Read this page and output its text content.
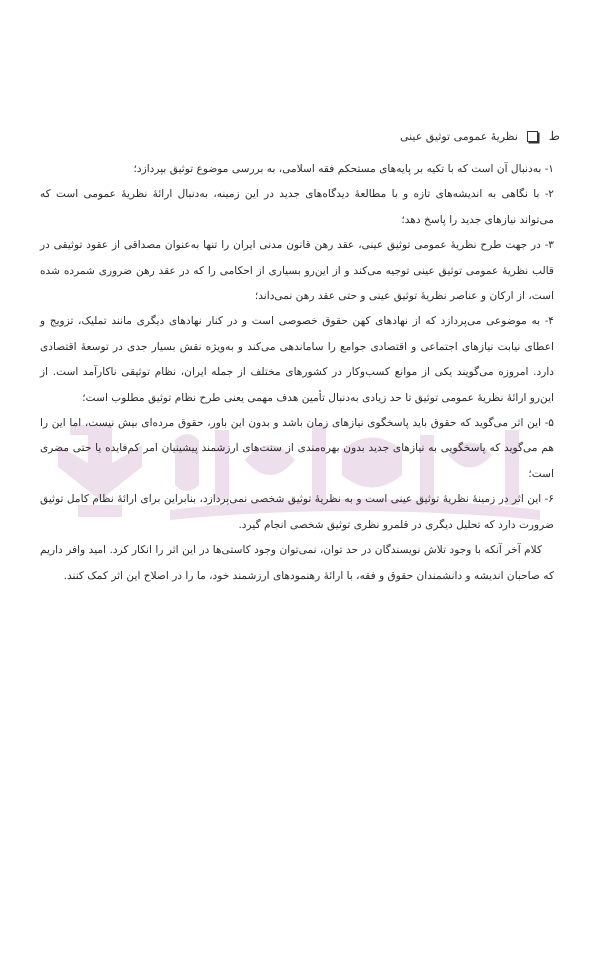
ط
نظریهٔ عمومی توثیق عینی

۱- به‌دنبال آن است که با تکیه بر پایه‌های مستحکم فقه اسلامی، به بررسی موضوع توثیق بپردازد؛

۲- با نگاهی به اندیشه‌های تازه و با مطالعهٔ دیدگاه‌های جدید در این زمینه، به‌دنبال ارائهٔ نظریهٔ عمومی است که می‌تواند نیازهای جدید را پاسخ دهد؛

۳- در جهت طرح نظریهٔ عمومی توثیق عینی، عقد رهن قانون مدنی ایران را تنها به‌عنوان مصداقی از عقود توثیقی در قالب نظریهٔ عمومی توثیق عینی توجیه می‌کند و از این‌رو بسیاری از احکامی را که در عقد رهن ضروری شمرده شده است، از ارکان و عناصر نظریهٔ توثیق عینی و حتی عقد رهن نمی‌داند؛

۴- به موضوعی می‌پردازد که از نهادهای کهن حقوق خصوصی است و در کنار نهادهای دیگری مانند تملیک، تزویج و اعطای نیابت نیازهای اجتماعی و اقتصادی جوامع را ساماندهی می‌کند و به‌ویژه نقش بسیار جدی در توسعهٔ اقتصادی دارد. امروزه می‌گویند یکی از موانع کسب‌وکار در کشورهای مختلف از جمله ایران، نظام توثیقی ناکارآمد است. از این‌رو ارائهٔ نظریهٔ عمومی توثیق تا حد زیادی به‌دنبال تأمین هدف مهمی یعنی طرح نظام توثیق مطلوب است؛

۵- این اثر می‌گوید که حقوق باید پاسخگوی نیازهای زمان باشد و بدون این باور، حقوق مرده‌ای بیش نیست، اما این را هم می‌گوید که پاسخگویی به نیازهای جدید بدون بهره‌مندی از سنت‌های ارزشمند پیشینیان امر کم‌فایده یا حتی مضری است؛

۶- این اثر در زمینهٔ نظریهٔ توثیق عینی است و به نظریهٔ توثیق شخصی نمی‌پردازد، بنابراین برای ارائهٔ نظام کامل توثیق ضرورت دارد که تحلیل دیگری در قلمرو نظری توثیق شخصی انجام گیرد.

کلام آخر آنکه با وجود تلاش نویسندگان در حد توان، نمی‌توان وجود کاستی‌ها در این اثر را انکار کرد. امید وافر داریم که صاحبان اندیشه و دانشمندان حقوق و فقه، با ارائهٔ رهنمودهای ارزشمند خود، ما را در اصلاح این اثر کمک کنند.
